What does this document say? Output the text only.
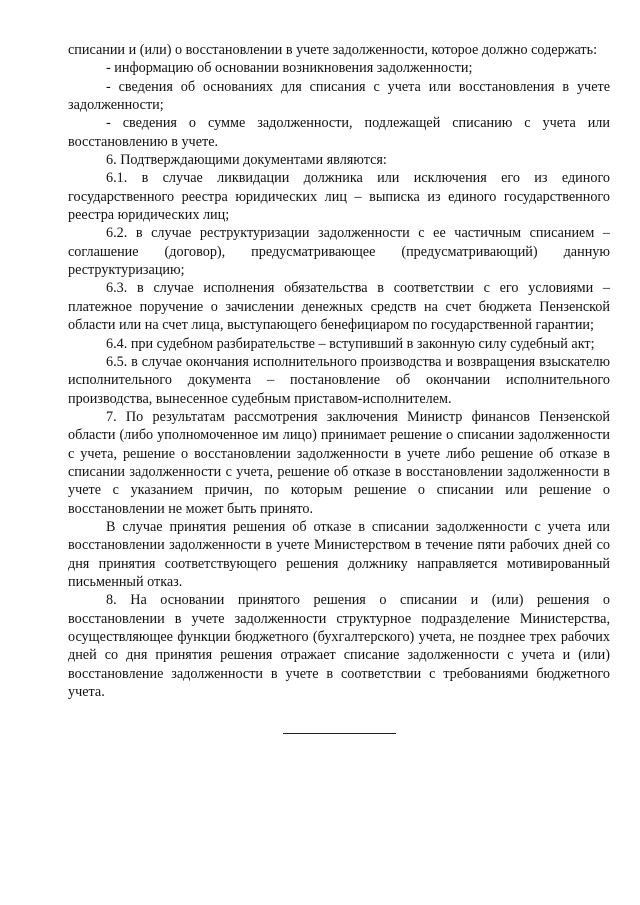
списании и (или) о восстановлении в учете задолженности, которое должно содержать:

- информацию об основании возникновения задолженности;

- сведения об основаниях для списания с учета или восстановления в учете задолженности;

- сведения о сумме задолженности, подлежащей списанию с учета или восстановлению в учете.

6. Подтверждающими документами являются:

6.1. в случае ликвидации должника или исключения его из единого государственного реестра юридических лиц – выписка из единого государственного реестра юридических лиц;

6.2. в случае реструктуризации задолженности с ее частичным списанием – соглашение (договор), предусматривающее (предусматривающий) данную реструктуризацию;

6.3. в случае исполнения обязательства в соответствии с его условиями – платежное поручение о зачислении денежных средств на счет бюджета Пензенской области или на счет лица, выступающего бенефициаром по государственной гарантии;

6.4. при судебном разбирательстве – вступивший в законную силу судебный акт;

6.5. в случае окончания исполнительного производства и возвращения взыскателю исполнительного документа – постановление об окончании исполнительного производства, вынесенное судебным приставом-исполнителем.

7. По результатам рассмотрения заключения Министр финансов Пензенской области (либо уполномоченное им лицо) принимает решение о списании задолженности с учета, решение о восстановлении задолженности в учете либо решение об отказе в списании задолженности с учета, решение об отказе в восстановлении задолженности в учете с указанием причин, по которым решение о списании или решение о восстановлении не может быть принято.

В случае принятия решения об отказе в списании задолженности с учета или восстановлении задолженности в учете Министерством в течение пяти рабочих дней со дня принятия соответствующего решения должнику направляется мотивированный письменный отказ.

8. На основании принятого решения о списании и (или) решения о восстановлении в учете задолженности структурное подразделение Министерства, осуществляющее функции бюджетного (бухгалтерского) учета, не позднее трех рабочих дней со дня принятия решения отражает списание задолженности с учета и (или) восстановление задолженности в учете в соответствии с требованиями бюджетного учета.
